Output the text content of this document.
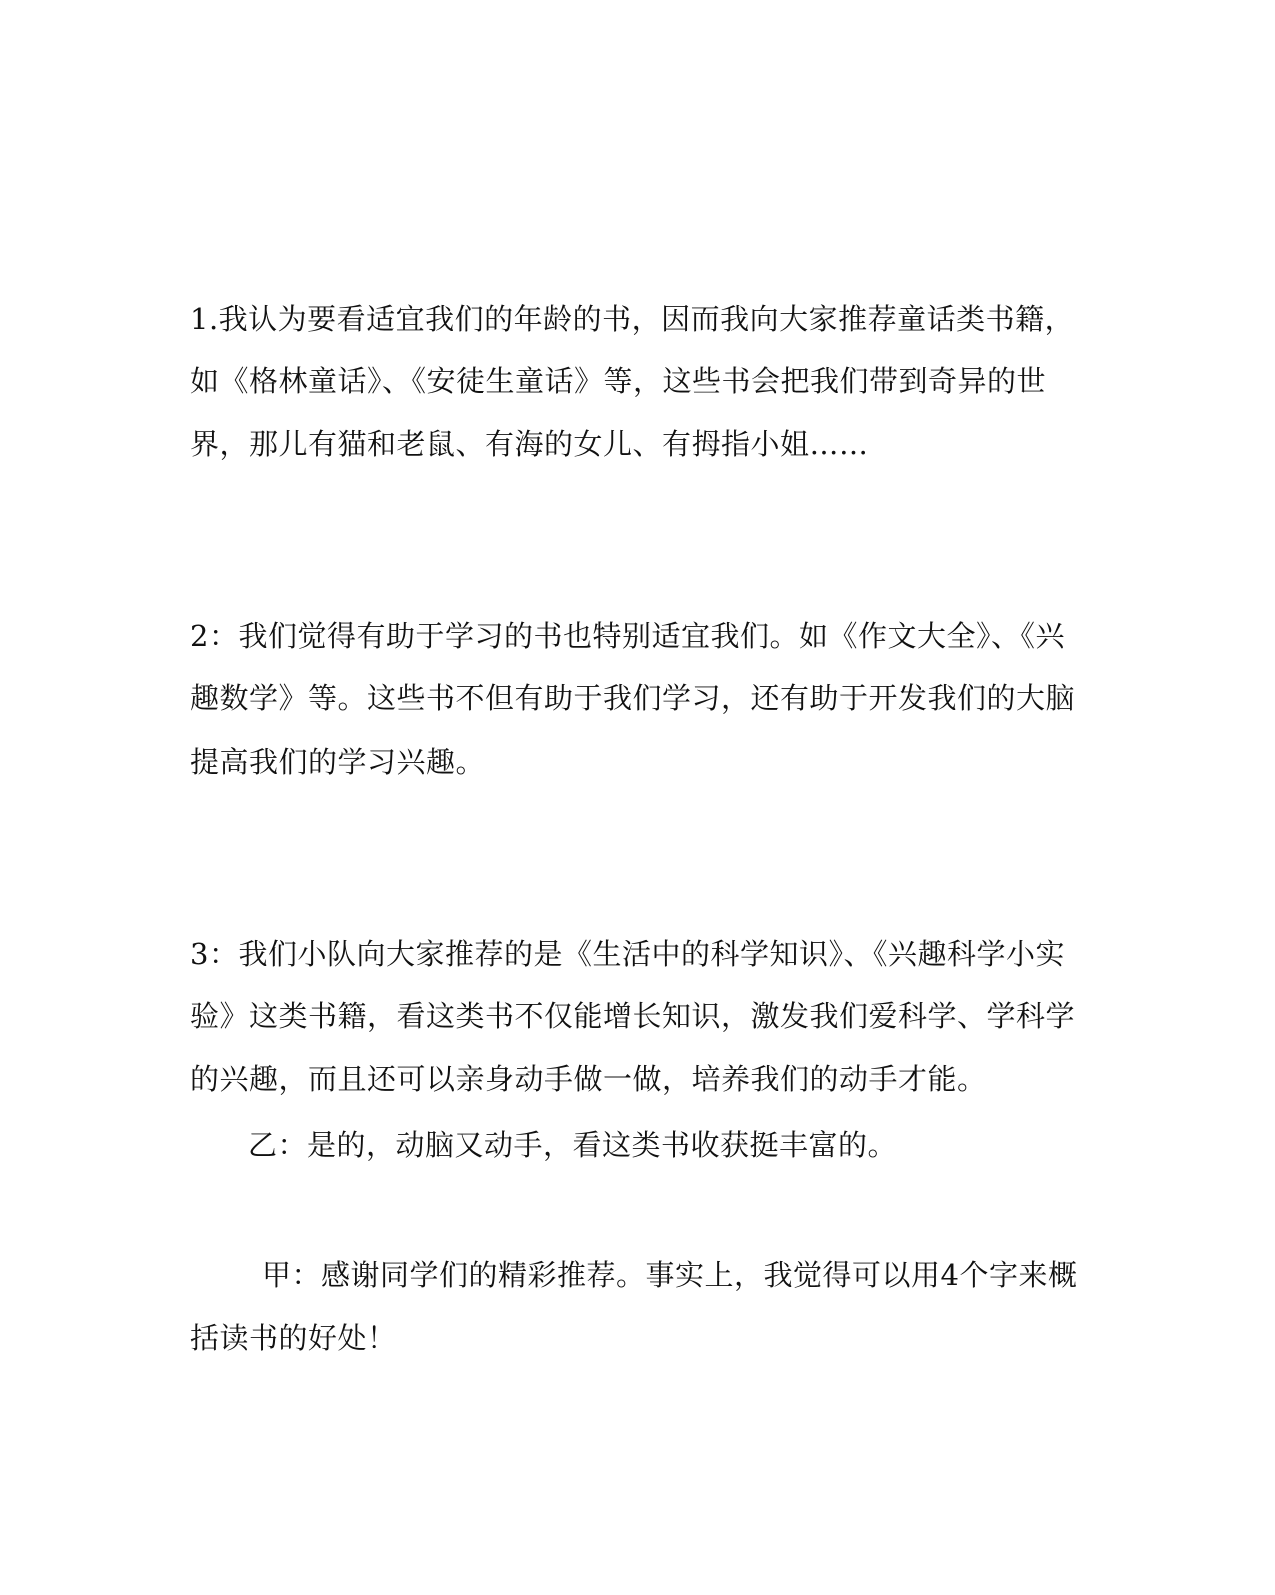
1.我认为要看适宜我们的年龄的书，因而我向大家推荐童话类书籍，
如《格林童话》、《安徒生童话》等，这些书会把我们带到奇异的世
界，那儿有猫和老鼠、有海的女儿、有拇指小姐……
2：我们觉得有助于学习的书也特别适宜我们。如《作文大全》、《兴
趣数学》等。这些书不但有助于我们学习，还有助于开发我们的大脑
提高我们的学习兴趣。
3：我们小队向大家推荐的是《生活中的科学知识》、《兴趣科学小实
验》这类书籍，看这类书不仅能增长知识，激发我们爱科学、学科学
的兴趣，而且还可以亲身动手做一做，培养我们的动手才能。
乙：是的，动脑又动手，看这类书收获挺丰富的。
甲：感谢同学们的精彩推荐。事实上，我觉得可以用4个字来概
括读书的好处！
